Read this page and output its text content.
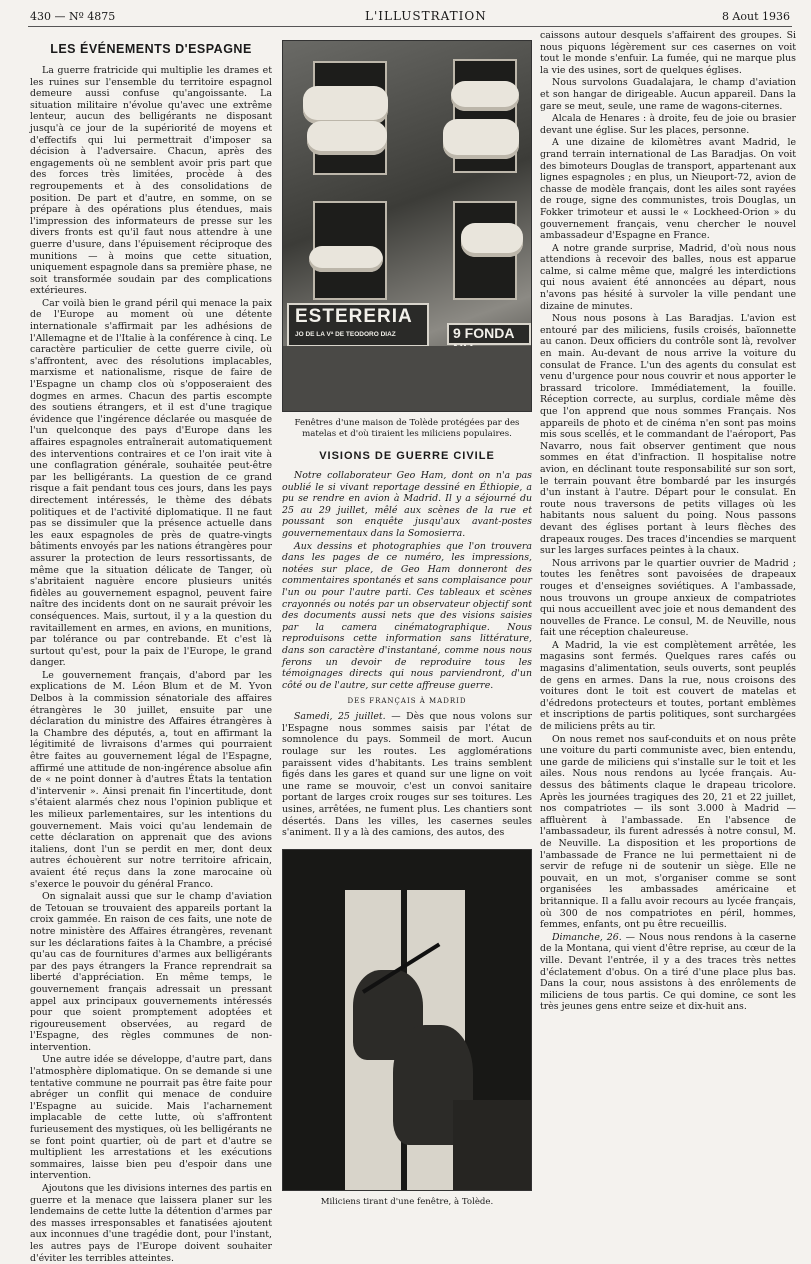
430 — Nº 4875	L'ILLUSTRATION	8 Aout 1936
LES ÉVÉNEMENTS D'ESPAGNE

La guerre fratricide qui multiplie les drames et les ruines sur l'ensemble du territoire espagnol demeure aussi confuse qu'angoissante. La situation militaire n'évolue qu'avec une extrême lenteur, aucun des belligérants ne disposant jusqu'à ce jour de la supériorité de moyens et d'effectifs qui lui permettrait d'imposer sa décision à l'adversaire. Chacun, après des engagements où ne semblent avoir pris part que des forces très limitées, procède à des regroupements et à des consolidations de position. De part et d'autre, en somme, on se prépare à des opérations plus étendues, mais l'impression des informateurs de presse sur les divers fronts est qu'il faut nous attendre à une guerre d'usure, dans l'épuisement réciproque des munitions — à moins que cette situation, uniquement espagnole dans sa première phase, ne soit transformée soudain par des complications extérieures.

Car voilà bien le grand péril qui menace la paix de l'Europe au moment où une détente internationale s'affirmait par les adhésions de l'Allemagne et de l'Italie à la conférence à cinq. Le caractère particulier de cette guerre civile, où s'affrontent, avec des résolutions implacables, marxisme et nationalisme, risque de faire de l'Espagne un champ clos où s'opposeraient des dogmes en armes. Chacun des partis escompte des soutiens étrangers, et il est d'une tragique évidence que l'ingérence déclarée ou masquée de l'un quelconque des pays d'Europe dans les affaires espagnoles entraînerait automatiquement des interventions contraires et ce l'on irait vite à une conflagration générale, souhaitée peut-être par les belligérants. La question de ce grand risque a fait pendant tous ces jours, dans les pays directement intéressés, le thème des débats politiques et de l'activité diplomatique. Il ne faut pas se dissimuler que la présence actuelle dans les eaux espagnoles de près de quatre-vingts bâtiments envoyés par les nations étrangères pour assurer la protection de leurs ressortissants, de même que la situation délicate de Tanger, où s'abritaient naguère encore plusieurs unités fidèles au gouvernement espagnol, peuvent faire naître des incidents dont on ne saurait prévoir les conséquences. Mais, surtout, il y a la question du ravitaillement en armes, en avions, en munitions, par tolérance ou par contrebande. Et c'est là surtout qu'est, pour la paix de l'Europe, le grand danger.

Le gouvernement français, d'abord par les explications de M. Léon Blum et de M. Yvon Delbos à la commission sénatoriale des affaires étrangères le 30 juillet, ensuite par une déclaration du ministre des Affaires étrangères à la Chambre des députés, a, tout en affirmant la légitimité de livraisons d'armes qui pourraient être faites au gouvernement légal de l'Espagne, affirmé une attitude de non-ingérence absolue afin de « ne point donner à d'autres États la tentation d'intervenir ». Ainsi prenait fin l'incertitude, dont s'étaient alarmés chez nous l'opinion publique et les milieux parlementaires, sur les intentions du gouvernement. Mais voici qu'au lendemain de cette déclaration on apprenait que des avions italiens, dont l'un se perdit en mer, dont deux autres échouèrent sur notre territoire africain, avaient été reçus dans la zone marocaine où s'exerce le pouvoir du général Franco.

On signalait aussi que sur le champ d'aviation de Tetouan se trouvaient des appareils portant la croix gammée. En raison de ces faits, une note de notre ministère des Affaires étrangères, revenant sur les déclarations faites à la Chambre, a précisé qu'au cas de fournitures d'armes aux belligérants par des pays étrangers la France reprendrait sa liberté d'appréciation. En même temps, le gouvernement français adressait un pressant appel aux principaux gouvernements intéressés pour que soient promptement adoptées et rigoureusement observées, au regard de l'Espagne, des règles communes de non-intervention.

Une autre idée se développe, d'autre part, dans l'atmosphère diplomatique. On se demande si une tentative commune ne pourrait pas être faite pour abréger un conflit qui menace de conduire l'Espagne au suicide. Mais l'acharnement implacable de cette lutte, où s'affrontent furieusement des mystiques, où les belligérants ne se font point quartier, où de part et d'autre se multiplient les arrestations et les exécutions sommaires, laisse bien peu d'espoir dans une intervention.

Ajoutons que les divisions internes des partis en guerre et la menace que laissera planer sur les lendemains de cette lutte la détention d'armes par des masses irresponsables et fanatisées ajoutent aux inconnues d'une tragédie dont, pour l'instant, les autres pays de l'Europe doivent souhaiter d'éviter les terribles atteintes.

ESTERERIA
JO DE LA Vª DE TEODORO DIAZ	9 FONDA

Fenêtres d'une maison de Tolède protégées par des matelas et d'où tiraient les miliciens populaires.

VISIONS DE GUERRE CIVILE

Notre collaborateur Geo Ham, dont on n'a pas oublié le si vivant reportage dessiné en Éthiopie, a pu se rendre en avion à Madrid. Il y a séjourné du 25 au 29 juillet, mêlé aux scènes de la rue et poussant son enquête jusqu'aux avant-postes gouvernementaux dans la Somosierra.

Aux dessins et photographies que l'on trouvera dans les pages de ce numéro, les impressions, notées sur place, de Geo Ham donneront des commentaires spontanés et sans complaisance pour l'un ou pour l'autre parti. Ces tableaux et scènes crayonnés ou notés par un observateur objectif sont des documents aussi nets que des visions saisies par la camera cinématographique. Nous reproduisons cette information sans littérature, dans son caractère d'instantané, comme nous nous ferons un devoir de reproduire tous les témoignages directs qui nous parviendront, d'un côté ou de l'autre, sur cette affreuse guerre.

DES FRANÇAIS À MADRID

Samedi, 25 juillet. — Dès que nous volons sur l'Espagne nous sommes saisis par l'état de somnolence du pays. Sommeil de mort. Aucun roulage sur les routes. Les agglomérations paraissent vides d'habitants. Les trains semblent figés dans les gares et quand sur une ligne on voit une rame se mouvoir, c'est un convoi sanitaire portant de larges croix rouges sur ses toitures. Les usines, arrêtées, ne fument plus. Les chantiers sont désertés. Dans les villes, les casernes seules s'animent. Il y a là des camions, des autos, des

Miliciens tirant d'une fenêtre, à Tolède.

caissons autour desquels s'affairent des groupes. Si nous piquons légèrement sur ces casernes on voit tout le monde s'enfuir. La fumée, qui ne marque plus la vie des usines, sort de quelques églises.

Nous survolons Guadalajara, le champ d'aviation et son hangar de dirigeable. Aucun appareil. Dans la gare se meut, seule, une rame de wagons-citernes.

Alcala de Henares : à droite, feu de joie ou brasier devant une église. Sur les places, personne.

A une dizaine de kilomètres avant Madrid, le grand terrain international de Las Baradjas. On voit des bimoteurs Douglas de transport, appartenant aux lignes espagnoles ; en plus, un Nieuport-72, avion de chasse de modèle français, dont les ailes sont rayées de rouge, signe des communistes, trois Douglas, un Fokker trimoteur et aussi le « Lockheed-Orion » du gouvernement français, venu chercher le nouvel ambassadeur d'Espagne en France.

A notre grande surprise, Madrid, d'où nous nous attendions à recevoir des balles, nous est apparue calme, si calme même que, malgré les interdictions qui nous avaient été annoncées au départ, nous n'avons pas hésité à survoler la ville pendant une dizaine de minutes.

Nous nous posons à Las Baradjas. L'avion est entouré par des miliciens, fusils croisés, baïonnette au canon. Deux officiers du contrôle sont là, revolver en main. Au-devant de nous arrive la voiture du consulat de France. L'un des agents du consulat est venu d'urgence pour nous couvrir et nous apporter le brassard tricolore. Immédiatement, la fouille. Réception correcte, au surplus, cordiale même dès que l'on apprend que nous sommes Français. Nos appareils de photo et de cinéma n'en sont pas moins mis sous scellés, et le commandant de l'aéroport, Pas Navarro, nous fait observer gentiment que nous sommes en état d'infraction. Il hospitalise notre avion, en déclinant toute responsabilité sur son sort, le terrain pouvant être bombardé par les insurgés d'un instant à l'autre. Départ pour le consulat. En route nous traversons de petits villages où les habitants nous saluent du poing. Nous passons devant des églises portant à leurs flèches des drapeaux rouges. Des traces d'incendies se marquent sur les larges surfaces peintes à la chaux.

Nous arrivons par le quartier ouvrier de Madrid ; toutes les fenêtres sont pavoisées de drapeaux rouges et d'enseignes soviétiques. A l'ambassade, nous trouvons un groupe anxieux de compatriotes qui nous accueillent avec joie et nous demandent des nouvelles de France. Le consul, M. de Neuville, nous fait une réception chaleureuse.

A Madrid, la vie est complètement arrêtée, les magasins sont fermés. Quelques rares cafés ou magasins d'alimentation, seuls ouverts, sont peuplés de gens en armes. Dans la rue, nous croisons des voitures dont le toit est couvert de matelas et d'édredons protecteurs et toutes, portant emblèmes et inscriptions de partis politiques, sont surchargées de miliciens prêts au tir.

On nous remet nos sauf-conduits et on nous prête une voiture du parti communiste avec, bien entendu, une garde de miliciens qui s'installe sur le toit et les ailes. Nous nous rendons au lycée français. Au-dessus des bâtiments claque le drapeau tricolore. Après les journées tragiques des 20, 21 et 22 juillet, nos compatriotes — ils sont 3.000 à Madrid — affluèrent à l'ambassade. En l'absence de l'ambassadeur, ils furent adressés à notre consul, M. de Neuville. La disposition et les proportions de l'ambassade de France ne lui permettaient ni de servir de refuge ni de soutenir un siège. Elle ne pouvait, en un mot, s'organiser comme se sont organisées les ambassades américaine et britannique. Il a fallu avoir recours au lycée français, où 300 de nos compatriotes en péril, hommes, femmes, enfants, ont pu être recueillis.

Dimanche, 26. — Nous nous rendons à la caserne de la Montana, qui vient d'être reprise, au cœur de la ville. Devant l'entrée, il y a des traces très nettes d'éclatement d'obus. On a tiré d'une place plus bas. Dans la cour, nous assistons à des enrôlements de miliciens de tous partis. Ce qui domine, ce sont les très jeunes gens entre seize et dix-huit ans.
